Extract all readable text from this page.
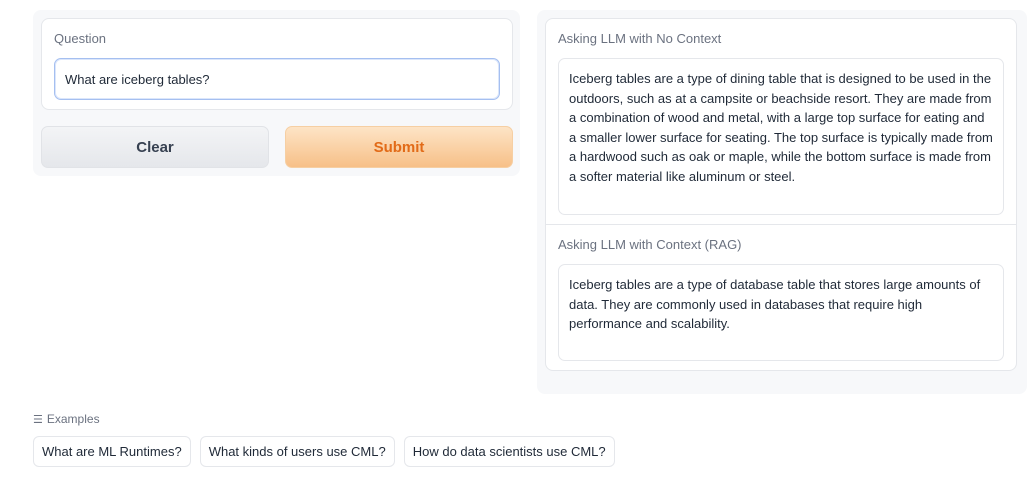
Question
What are iceberg tables?
Clear	Submit
Asking LLM with No Context
Iceberg tables are a type of dining table that is designed to be used in the outdoors, such as at a campsite or beachside resort. They are made from a combination of wood and metal, with a large top surface for eating and a smaller lower surface for seating. The top surface is typically made from a hardwood such as oak or maple, while the bottom surface is made from a softer material like aluminum or steel.
Asking LLM with Context (RAG)
Iceberg tables are a type of database table that stores large amounts of data. They are commonly used in databases that require high performance and scalability.
☰ Examples
What are ML Runtimes?	What kinds of users use CML?	How do data scientists use CML?
